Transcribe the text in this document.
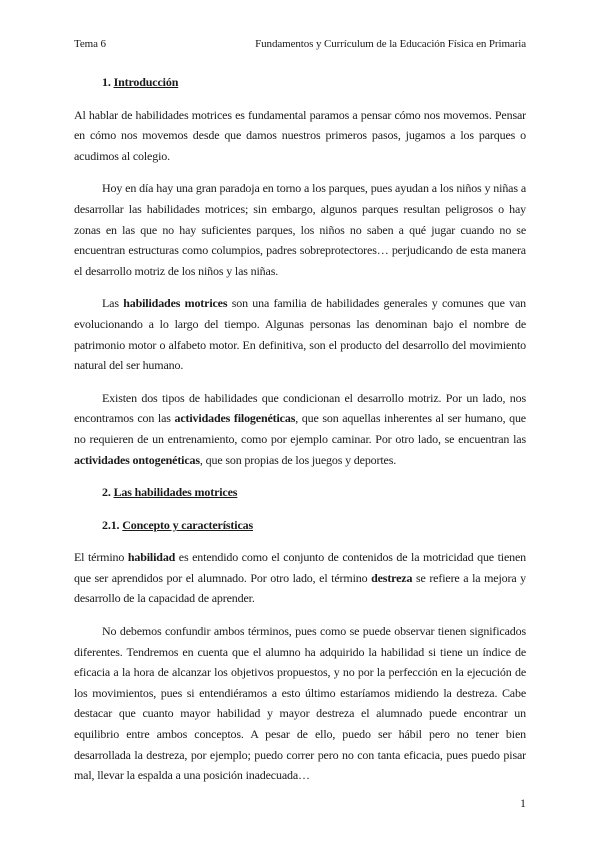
Tema 6	Fundamentos y Currículum de la Educación Física en Primaria
1. Introducción

Al hablar de habilidades motrices es fundamental paramos a pensar cómo nos movemos. Pensar en cómo nos movemos desde que damos nuestros primeros pasos, jugamos a los parques o acudimos al colegio.

Hoy en día hay una gran paradoja en torno a los parques, pues ayudan a los niños y niñas a desarrollar las habilidades motrices; sin embargo, algunos parques resultan peligrosos o hay zonas en las que no hay suficientes parques, los niños no saben a qué jugar cuando no se encuentran estructuras como columpios, padres sobreprotectores… perjudicando de esta manera el desarrollo motriz de los niños y las niñas.

Las habilidades motrices son una familia de habilidades generales y comunes que van evolucionando a lo largo del tiempo. Algunas personas las denominan bajo el nombre de patrimonio motor o alfabeto motor. En definitiva, son el producto del desarrollo del movimiento natural del ser humano.

Existen dos tipos de habilidades que condicionan el desarrollo motriz. Por un lado, nos encontramos con las actividades filogenéticas, que son aquellas inherentes al ser humano, que no requieren de un entrenamiento, como por ejemplo caminar. Por otro lado, se encuentran las actividades ontogenéticas, que son propias de los juegos y deportes.

2. Las habilidades motrices
2.1. Concepto y características

El término habilidad es entendido como el conjunto de contenidos de la motricidad que tienen que ser aprendidos por el alumnado. Por otro lado, el término destreza se refiere a la mejora y desarrollo de la capacidad de aprender.

No debemos confundir ambos términos, pues como se puede observar tienen significados diferentes. Tendremos en cuenta que el alumno ha adquirido la habilidad si tiene un índice de eficacia a la hora de alcanzar los objetivos propuestos, y no por la perfección en la ejecución de los movimientos, pues si entendiéramos a esto último estaríamos midiendo la destreza. Cabe destacar que cuanto mayor habilidad y mayor destreza el alumnado puede encontrar un equilibrio entre ambos conceptos. A pesar de ello, puedo ser hábil pero no tener bien desarrollada la destreza, por ejemplo; puedo correr pero no con tanta eficacia, pues puedo pisar mal, llevar la espalda a una posición inadecuada…

1
